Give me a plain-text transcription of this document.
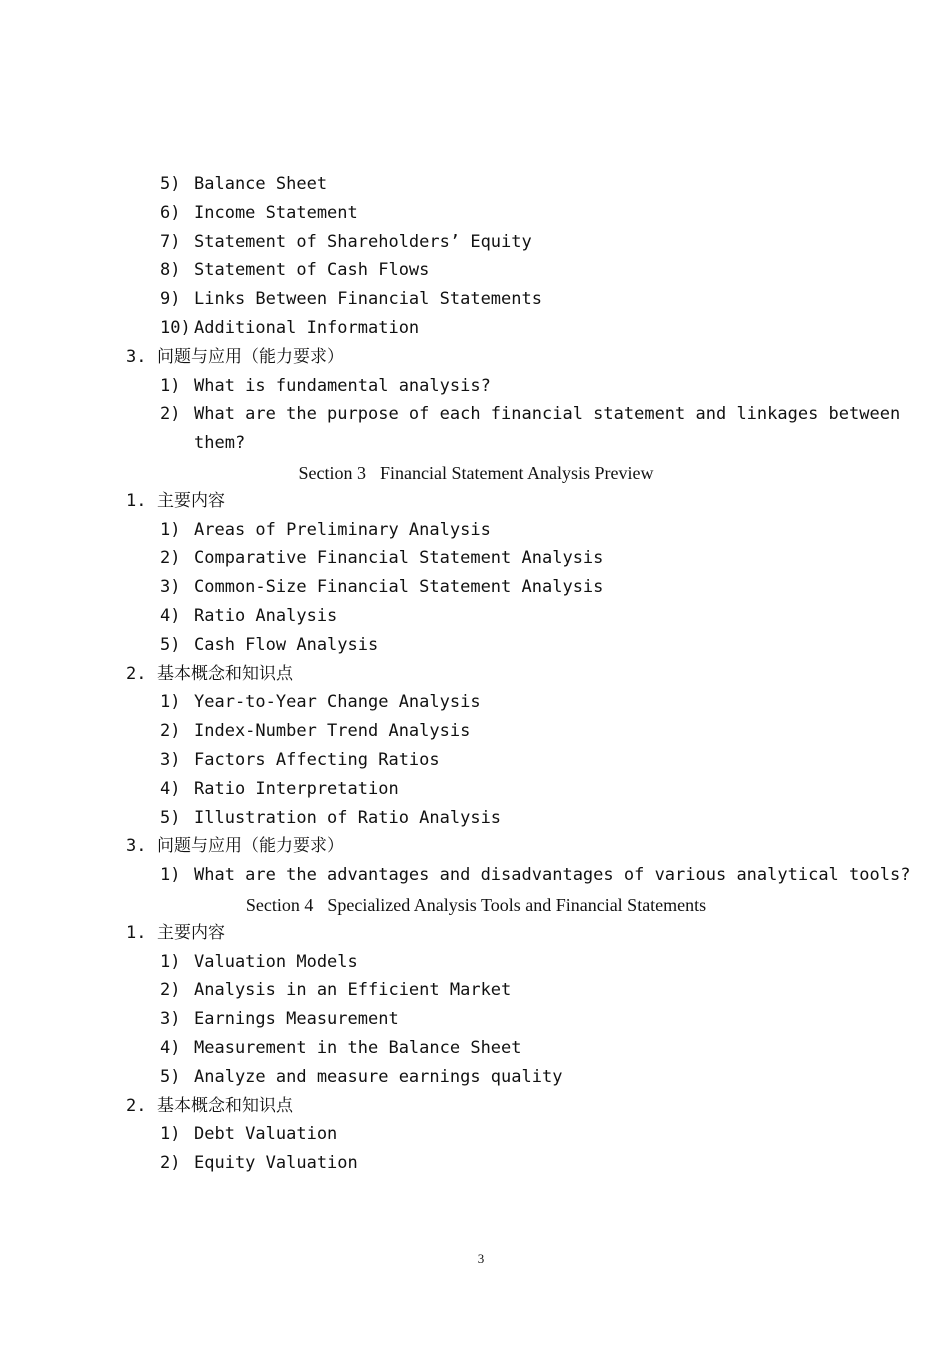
5) Balance Sheet
6) Income Statement
7) Statement of Shareholders’ Equity
8) Statement of Cash Flows
9) Links Between Financial Statements
10) Additional Information
3. 问题与应用（能力要求）
1) What is fundamental analysis?
2) What are the purpose of each financial statement and linkages between
them?
Section 3 Financial Statement Analysis Preview
1. 主要内容
1) Areas of Preliminary Analysis
2) Comparative Financial Statement Analysis
3) Common-Size Financial Statement Analysis
4) Ratio Analysis
5) Cash Flow Analysis
2. 基本概念和知识点
1) Year-to-Year Change Analysis
2) Index-Number Trend Analysis
3) Factors Affecting Ratios
4) Ratio Interpretation
5) Illustration of Ratio Analysis
3. 问题与应用（能力要求）
1) What are the advantages and disadvantages of various analytical tools?
Section 4 Specialized Analysis Tools and Financial Statements
1. 主要内容
1) Valuation Models
2) Analysis in an Efficient Market
3) Earnings Measurement
4) Measurement in the Balance Sheet
5) Analyze and measure earnings quality
2. 基本概念和知识点
1) Debt Valuation
2) Equity Valuation
3
